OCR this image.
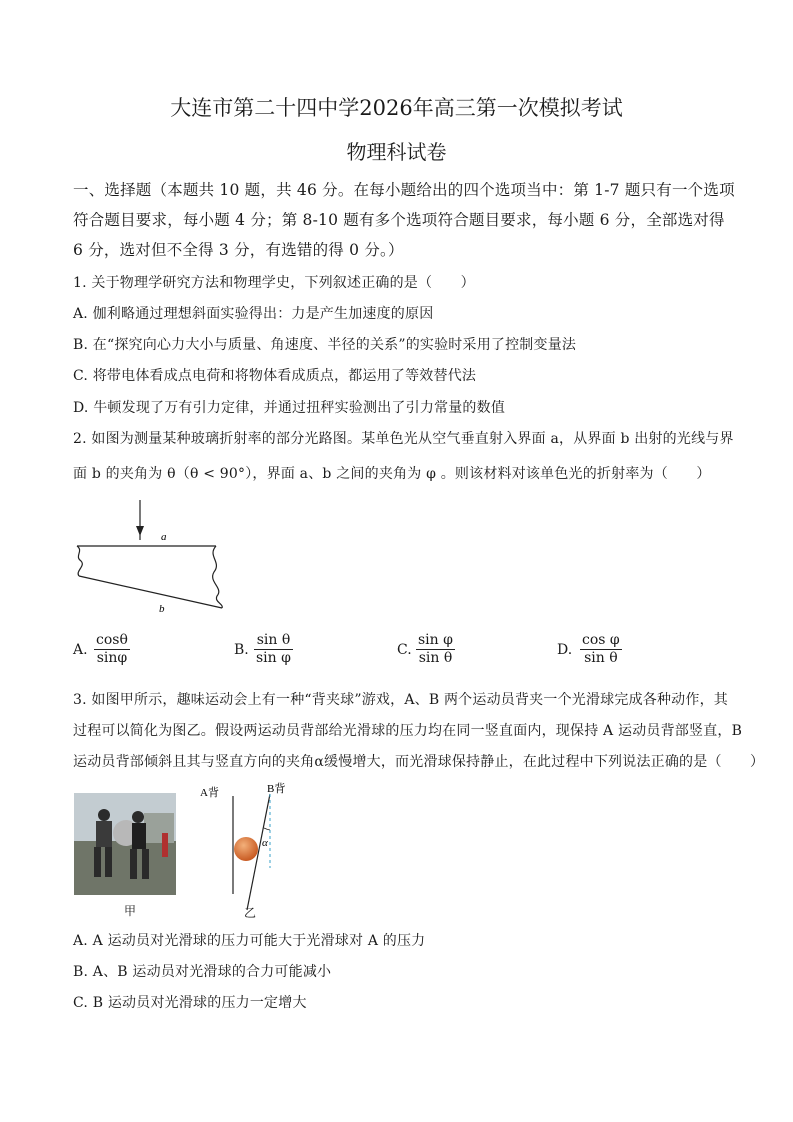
大连市第二十四中学2026年高三第一次模拟考试
物理科试卷
一、选择题（本题共 10 题，共 46 分。在每小题给出的四个选项当中：第 1-7 题只有一个选项
符合题目要求，每小题 4 分；第 8-10 题有多个选项符合题目要求，每小题 6 分，全部选对得
6 分，选对但不全得 3 分，有选错的得 0 分。）
1. 关于物理学研究方法和物理学史，下列叙述正确的是（　　）
A. 伽利略通过理想斜面实验得出：力是产生加速度的原因
B. 在“探究向心力大小与质量、角速度、半径的关系”的实验时采用了控制变量法
C. 将带电体看成点电荷和将物体看成质点，都运用了等效替代法
D. 牛顿发现了万有引力定律，并通过扭秤实验测出了引力常量的数值
2. 如图为测量某种玻璃折射率的部分光路图。某单色光从空气垂直射入界面 a，从界面 b 出射的光线与界
面 b 的夹角为 θ（θ < 90°），界面 a、b 之间的夹角为 φ 。则该材料对该单色光的折射率为（　　）
a
b
A. $\frac{\cos\theta}{\sin\varphi}$	B. $\frac{\text{sin θ}}{\text{sin φ}}$	C. $\frac{\text{sin φ}}{\text{sin θ}}$	D. $\frac{\text{cos φ}}{\text{sin θ}}$
3. 如图甲所示，趣味运动会上有一种“背夹球”游戏，A、B 两个运动员背夹一个光滑球完成各种动作，其
过程可以简化为图乙。假设两运动员背部给光滑球的压力均在同一竖直面内，现保持 A 运动员背部竖直，B
运动员背部倾斜且其与竖直方向的夹角α缓慢增大，而光滑球保持静止，在此过程中下列说法正确的是（　　）
甲
A背	B背
α
乙
A. A 运动员对光滑球的压力可能大于光滑球对 A 的压力
B. A、B 运动员对光滑球的合力可能减小
C. B 运动员对光滑球的压力一定增大
